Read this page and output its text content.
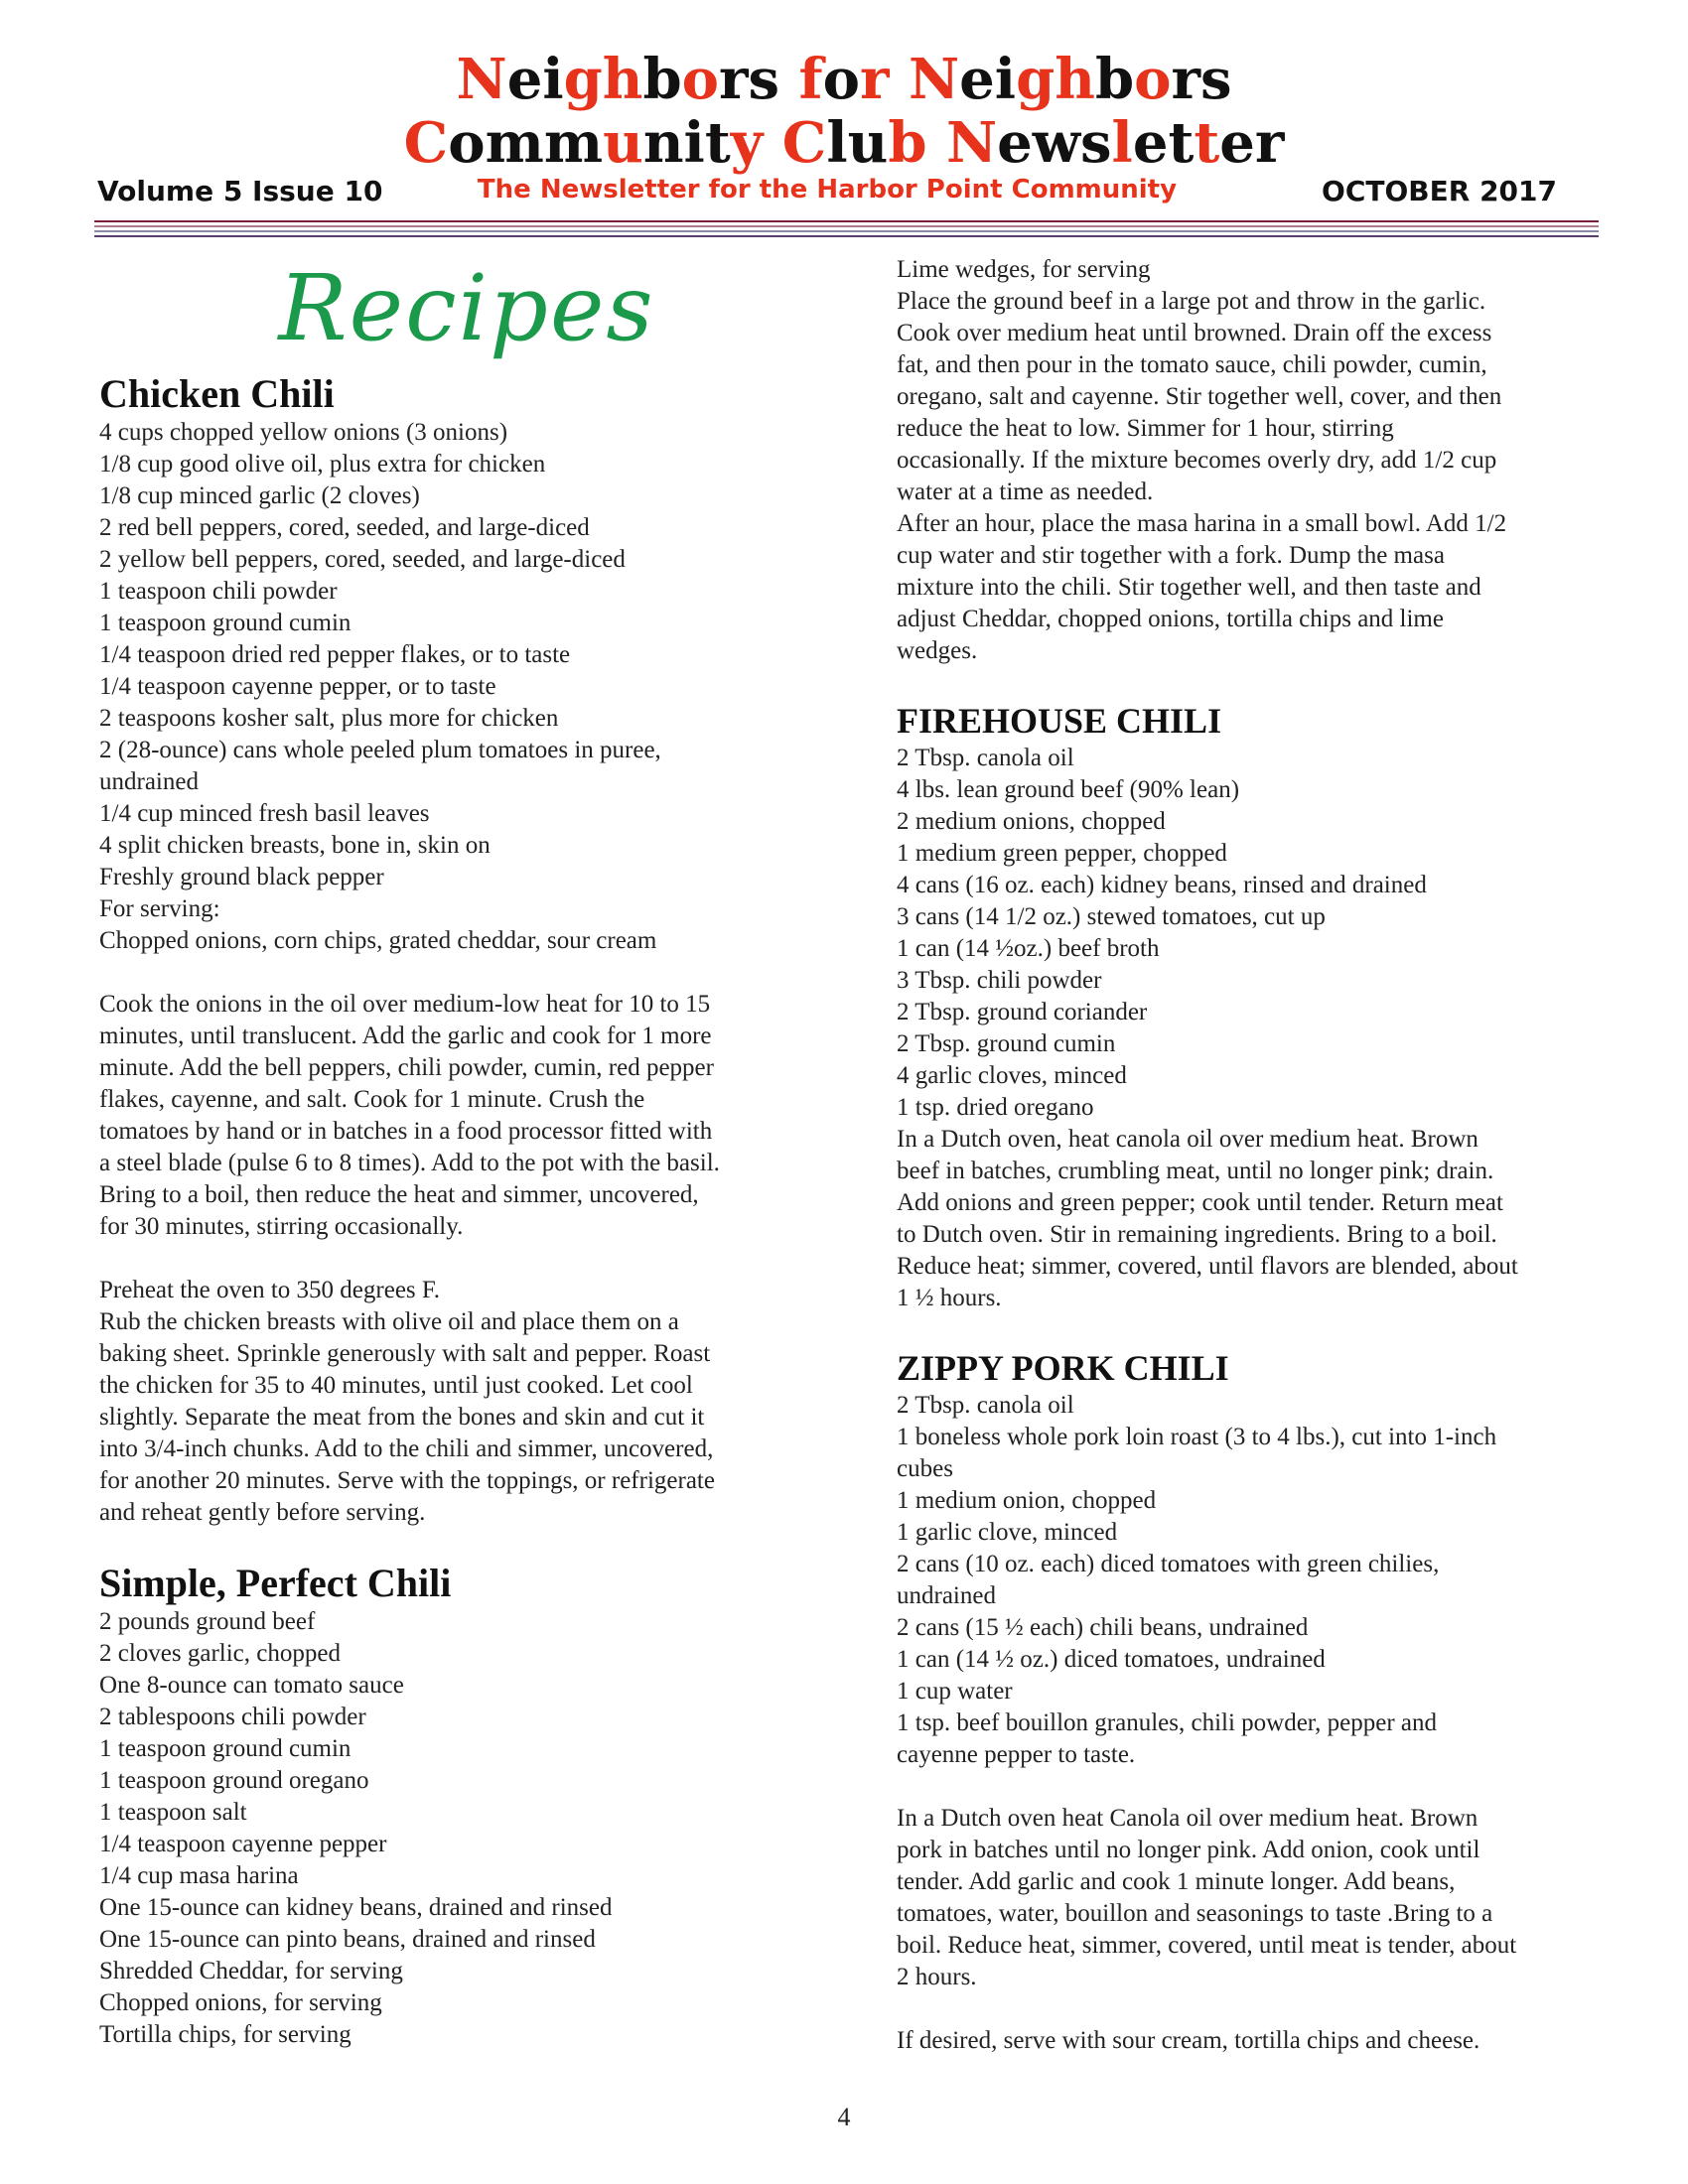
Neighbors for Neighbors
Community Club Newsletter
Volume 5 Issue 10	The Newsletter for the Harbor Point Community	OCTOBER 2017
Recipes
Chicken Chili
4 cups chopped yellow onions (3 onions)
1/8 cup good olive oil, plus extra for chicken
1/8 cup minced garlic (2 cloves)
2 red bell peppers, cored, seeded, and large-diced
2 yellow bell peppers, cored, seeded, and large-diced
1 teaspoon chili powder
1 teaspoon ground cumin
1/4 teaspoon dried red pepper flakes, or to taste
1/4 teaspoon cayenne pepper, or to taste
2 teaspoons kosher salt, plus more for chicken
2 (28-ounce) cans whole peeled plum tomatoes in puree,
undrained
1/4 cup minced fresh basil leaves
4 split chicken breasts, bone in, skin on
Freshly ground black pepper
For serving:
Chopped onions, corn chips, grated cheddar, sour cream
Cook the onions in the oil over medium-low heat for 10 to 15
minutes, until translucent. Add the garlic and cook for 1 more
minute. Add the bell peppers, chili powder, cumin, red pepper
flakes, cayenne, and salt. Cook for 1 minute. Crush the
tomatoes by hand or in batches in a food processor fitted with
a steel blade (pulse 6 to 8 times). Add to the pot with the basil.
Bring to a boil, then reduce the heat and simmer, uncovered,
for 30 minutes, stirring occasionally.
Preheat the oven to 350 degrees F.
Rub the chicken breasts with olive oil and place them on a
baking sheet. Sprinkle generously with salt and pepper. Roast
the chicken for 35 to 40 minutes, until just cooked. Let cool
slightly. Separate the meat from the bones and skin and cut it
into 3/4-inch chunks. Add to the chili and simmer, uncovered,
for another 20 minutes. Serve with the toppings, or refrigerate
and reheat gently before serving.
Simple, Perfect Chili
2 pounds ground beef
2 cloves garlic, chopped
One 8-ounce can tomato sauce
2 tablespoons chili powder
1 teaspoon ground cumin
1 teaspoon ground oregano
1 teaspoon salt
1/4 teaspoon cayenne pepper
1/4 cup masa harina
One 15-ounce can kidney beans, drained and rinsed
One 15-ounce can pinto beans, drained and rinsed
Shredded Cheddar, for serving
Chopped onions, for serving
Tortilla chips, for serving
Lime wedges, for serving
Place the ground beef in a large pot and throw in the garlic.
Cook over medium heat until browned. Drain off the excess
fat, and then pour in the tomato sauce, chili powder, cumin,
oregano, salt and cayenne. Stir together well, cover, and then
reduce the heat to low. Simmer for 1 hour, stirring
occasionally. If the mixture becomes overly dry, add 1/2 cup
water at a time as needed.
After an hour, place the masa harina in a small bowl. Add 1/2
cup water and stir together with a fork. Dump the masa
mixture into the chili. Stir together well, and then taste and
adjust Cheddar, chopped onions, tortilla chips and lime
wedges.
FIREHOUSE CHILI
2 Tbsp. canola oil
4 lbs. lean ground beef (90% lean)
2 medium onions, chopped
1 medium green pepper, chopped
4 cans (16 oz. each) kidney beans, rinsed and drained
3 cans (14 1/2 oz.) stewed tomatoes, cut up
1 can (14 ½oz.) beef broth
3 Tbsp. chili powder
2 Tbsp. ground coriander
2 Tbsp. ground cumin
4 garlic cloves, minced
1 tsp. dried oregano
In a Dutch oven, heat canola oil over medium heat. Brown
beef in batches, crumbling meat, until no longer pink; drain.
Add onions and green pepper; cook until tender. Return meat
to Dutch oven. Stir in remaining ingredients. Bring to a boil.
Reduce heat; simmer, covered, until flavors are blended, about
1 ½ hours.
ZIPPY PORK CHILI
2 Tbsp. canola oil
1 boneless whole pork loin roast (3 to 4 lbs.), cut into 1-inch
cubes
1 medium onion, chopped
1 garlic clove, minced
2 cans (10 oz. each) diced tomatoes with green chilies,
undrained
2 cans (15 ½ each) chili beans, undrained
1 can (14 ½ oz.) diced tomatoes, undrained
1 cup water
1 tsp. beef bouillon granules, chili powder, pepper and
cayenne pepper to taste.
In a Dutch oven heat Canola oil over medium heat. Brown
pork in batches until no longer pink. Add onion, cook until
tender. Add garlic and cook 1 minute longer. Add beans,
tomatoes, water, bouillon and seasonings to taste .Bring to a
boil. Reduce heat, simmer, covered, until meat is tender, about
2 hours.
If desired, serve with sour cream, tortilla chips and cheese.
4
